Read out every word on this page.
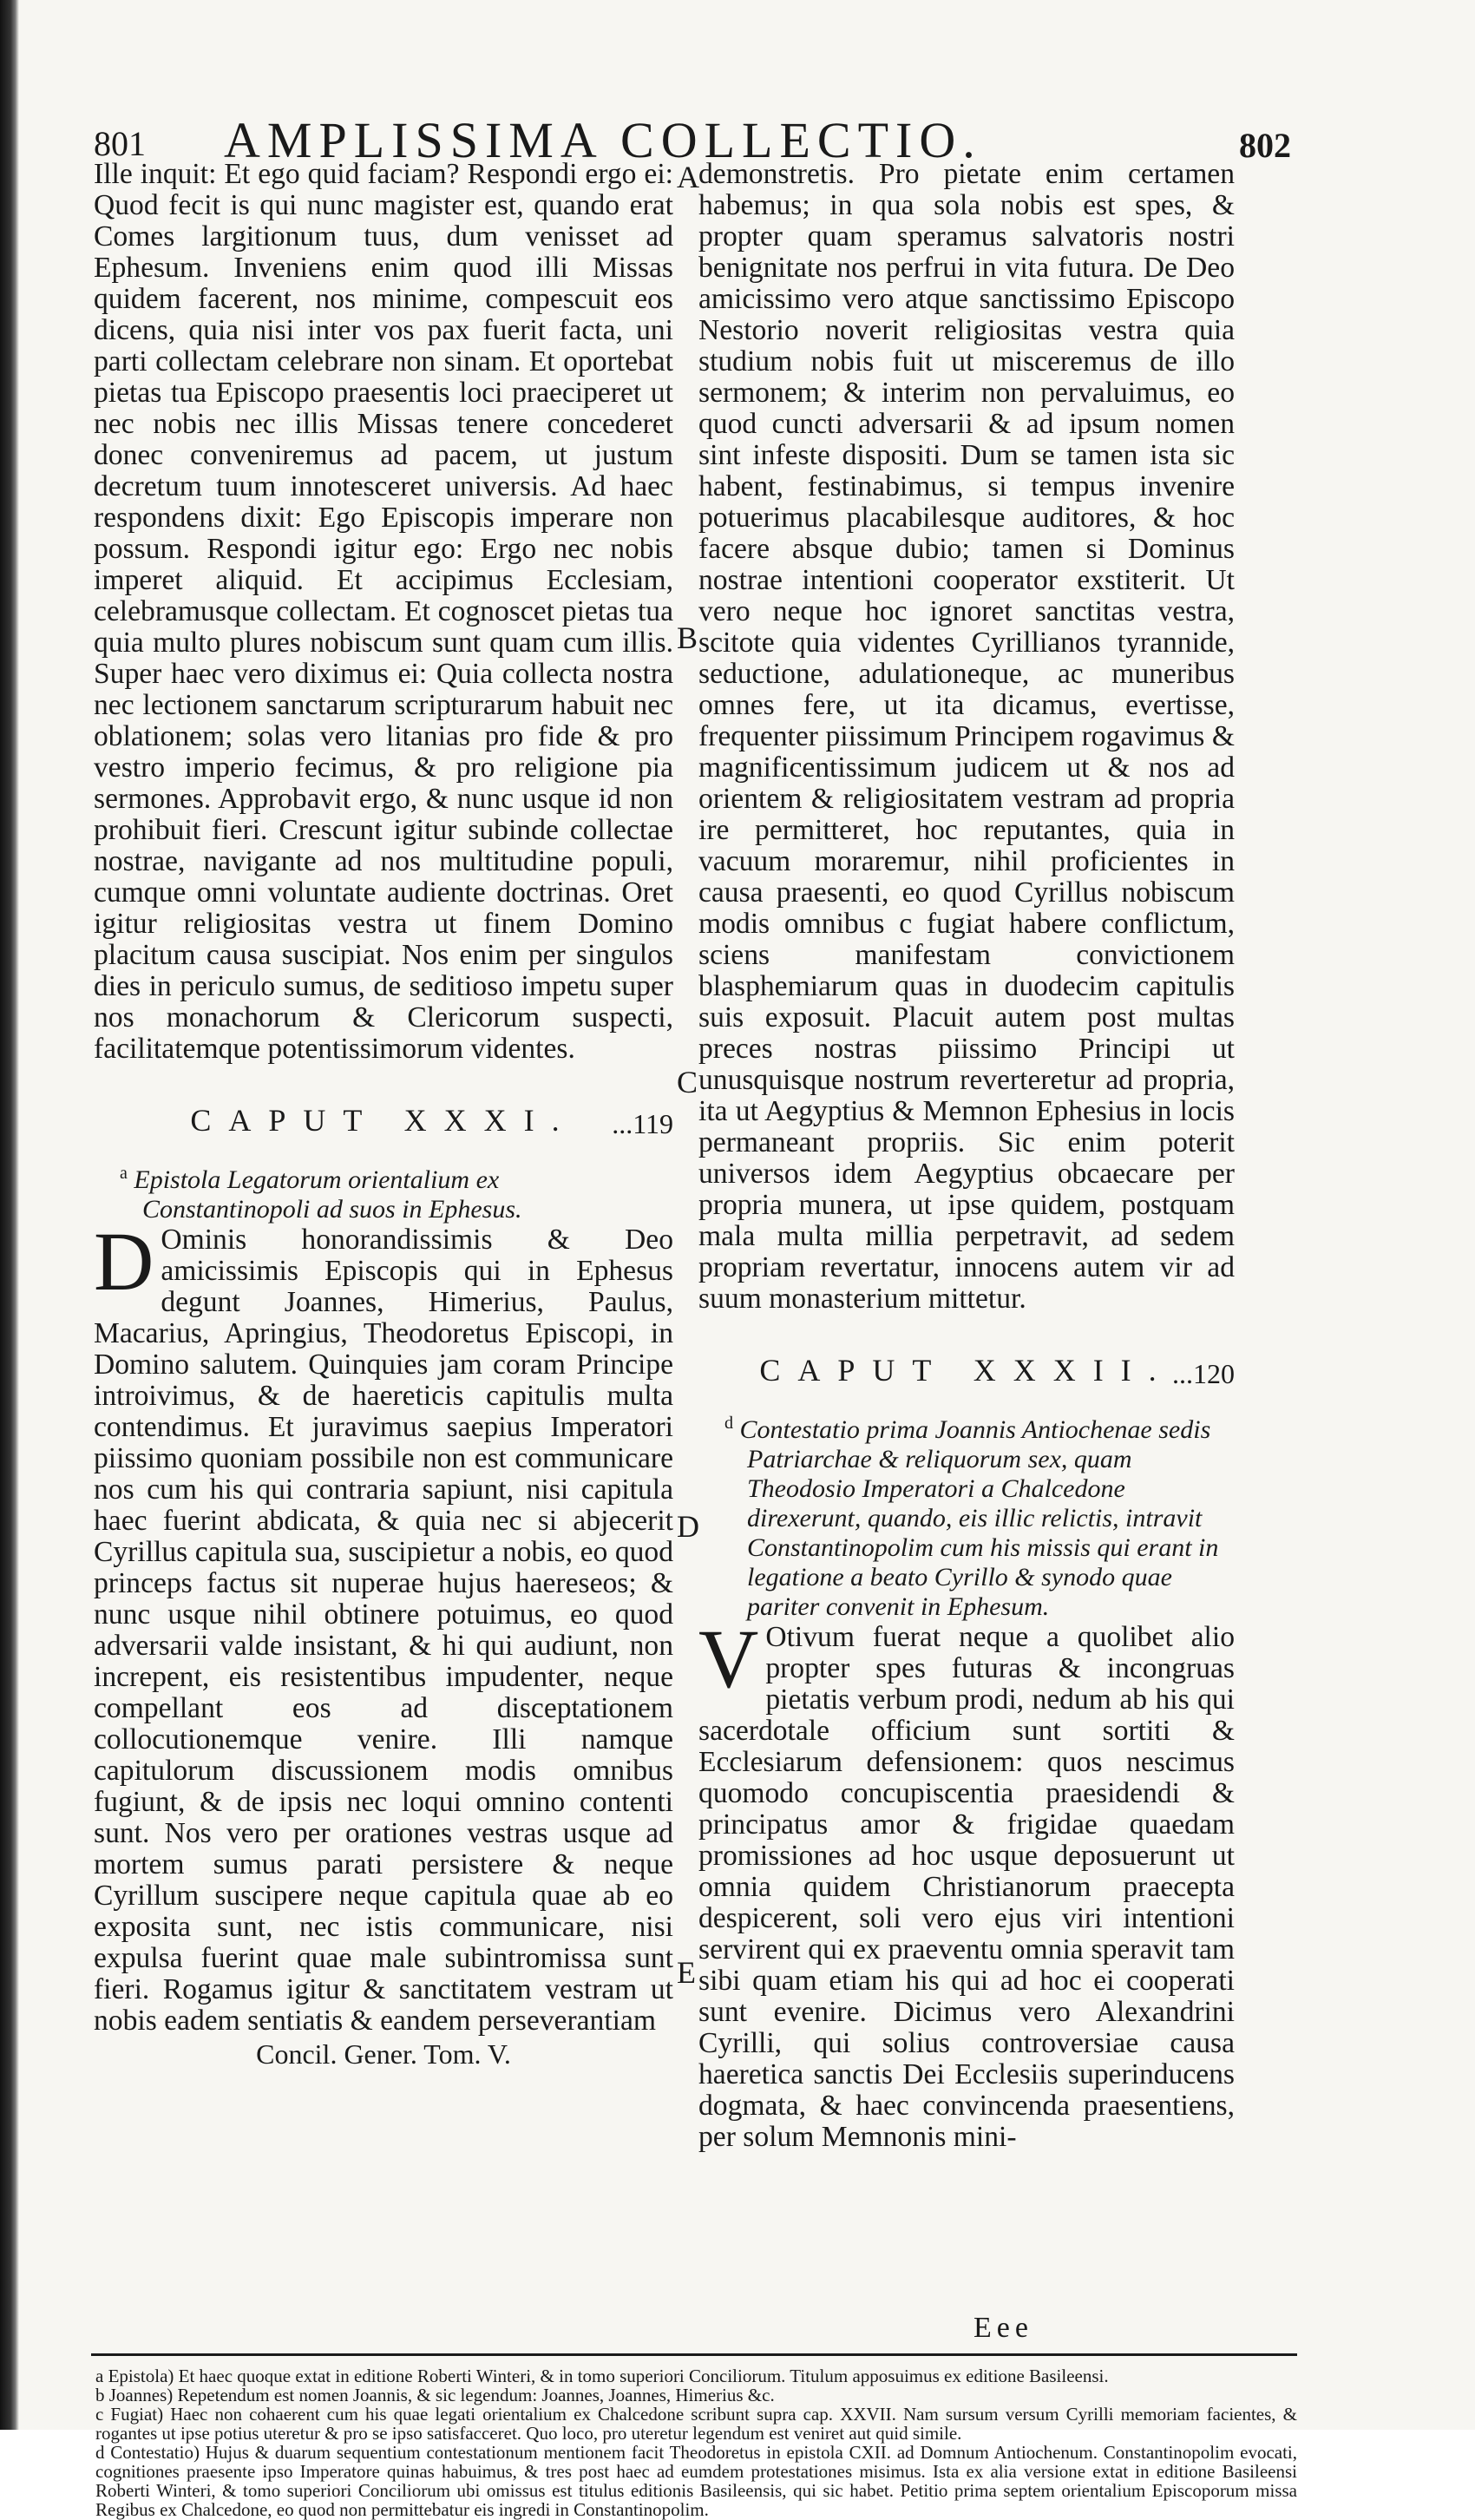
801 AMPLISSIMA COLLECTIO.	802

Ille inquit: Et ego quid faciam? Respondi ergo ei: Quod fecit is qui nunc magister est, quando erat Comes largitionum tuus, dum venisset ad Ephesum. Inveniens enim quod illi Missas quidem facerent, nos minime, compescuit eos dicens, quia nisi inter vos pax fuerit facta, uni parti collectam celebrare non sinam. Et oportebat pietas tua Episcopo praesentis loci praeciperet ut nec nobis nec illis Missas tenere concederet donec conveniremus ad pacem, ut justum decretum tuum innotesceret universis. Ad haec respondens dixit: Ego Episcopis imperare non possum. Respondi igitur ego: Ergo nec nobis imperet aliquid. Et accipimus Ecclesiam, celebramusque collectam. Et cognoscet pietas tua quia multo plures nobiscum sunt quam cum illis. Super haec vero diximus ei: Quia collecta nostra nec lectionem sanctarum scripturarum habuit nec oblationem; solas vero litanias pro fide & pro vestro imperio fecimus, & pro religione pia sermones. Approbavit ergo, & nunc usque id non prohibuit fieri. Crescunt igitur subinde collectae nostrae, navigante ad nos multitudine populi, cumque omni voluntate audiente doctrinas. Oret igitur religiositas vestra ut finem Domino placitum causa suscipiat. Nos enim per singulos dies in periculo sumus, de seditioso impetu super nos monachorum & Clericorum suspecti, facilitatemque potentissimorum videntes.

CAPUT XXXI. ...119

$^a$ Epistola Legatorum orientalium ex Constantinopoli ad suos in Ephesus.

D Ominis honorandissimis & Deo amicissimis Episcopis qui in Ephesus degunt Joannes, Himerius, Paulus, Macarius, Apringius, Theodoretus Episcopi, in Domino salutem. Quinquies jam coram Principe introivimus, & de haereticis capitulis multa contendimus. Et juravimus saepius Imperatori piissimo quoniam possibile non est communicare nos cum his qui contraria sapiunt, nisi capitula haec fuerint abdicata, & quia nec si abjecerit Cyrillus capitula sua, suscipietur a nobis, eo quod princeps factus sit nuperae hujus haereseos; & nunc usque nihil obtinere potuimus, eo quod adversarii valde insistant, & hi qui audiunt, non increpent, eis resistentibus impudenter, neque compellant eos ad disceptationem collocutionemque venire. Illi namque capitulorum discussionem modis omnibus fugiunt, & de ipsis nec loqui omnino contenti sunt. Nos vero per orationes vestras usque ad mortem sumus parati persistere & neque Cyrillum suscipere neque capitula quae ab eo exposita sunt, nec istis communicare, nisi expulsa fuerint quae male subintromissa sunt fieri. Rogamus igitur & sanctitatem vestram ut nobis eadem sentiatis & eandem perseverantiam

Concil. Gener. Tom. V.

demonstretis. Pro pietate enim certamen habemus; in qua sola nobis est spes, & propter quam speramus salvatoris nostri benignitate nos perfrui in vita futura. De Deo amicissimo vero atque sanctissimo Episcopo Nestorio noverit religiositas vestra quia studium nobis fuit ut misceremus de illo sermonem; & interim non pervaluimus, eo quod cuncti adversarii & ad ipsum nomen sint infeste dispositi. Dum se tamen ista sic habent, festinabimus, si tempus invenire potuerimus placabilesque auditores, & hoc facere absque dubio; tamen si Dominus nostrae intentioni cooperator exstiterit. Ut vero neque hoc ignoret sanctitas vestra, scitote quia videntes Cyrillianos tyrannide, seductione, adulationeque, ac muneribus omnes fere, ut ita dicamus, evertisse, frequenter piissimum Principem rogavimus & magnificentissimum judicem ut & nos ad orientem & religiositatem vestram ad propria ire permitteret, hoc reputantes, quia in vacuum moraremur, nihil proficientes in causa praesenti, eo quod Cyrillus nobiscum modis omnibus c fugiat habere conflictum, sciens manifestam convictionem blasphemiarum quas in duodecim capitulis suis exposuit. Placuit autem post multas preces nostras piissimo Principi ut unusquisque nostrum reverteretur ad propria, ita ut Aegyptius & Memnon Ephesius in locis permaneant propriis. Sic enim poterit universos idem Aegyptius obcaecare per propria munera, ut ipse quidem, postquam mala multa millia perpetravit, ad sedem propriam revertatur, innocens autem vir ad suum monasterium mittetur.

CAPUT XXXII.
...120

$^d$ Contestatio prima Joannis Antiochenae sedis Patriarchae & reliquorum sex, quam Theodosio Imperatori a Chalcedone direxerunt, quando, eis illic relictis, intravit Constantinopolim cum his missis qui erant in legatione a beato Cyrillo & synodo quae pariter convenit in Ephesum.

V Otivum fuerat neque a quolibet alio propter spes futuras & incongruas pietatis verbum prodi, nedum ab his qui sacerdotale officium sunt sortiti & Ecclesiarum defensionem: quos nescimus quomodo concupiscentia praesidendi & principatus amor & frigidae quaedam promissiones ad hoc usque deposuerunt ut omnia quidem Christianorum praecepta despicerent, soli vero ejus viri intentioni servirent qui ex praeventu omnia speravit tam sibi quam etiam his qui ad hoc ei cooperati sunt evenire. Dicimus vero Alexandrini Cyrilli, qui solius controversiae causa haeretica sanctis Dei Ecclesiis superinducens dogmata, & haec convincenda praesentiens, per solum Memnonis mini-

Eee
A
B
C
D
E

a Epistola) Et haec quoque extat in editione Roberti Winteri, & in tomo superiori Conciliorum. Titulum apposuimus ex editione Basileensi.

b Joannes) Repetendum est nomen Joannis, & sic legendum: Joannes, Joannes, Himerius &c.

c Fugiat) Haec non cohaerent cum his quae legati orientalium ex Chalcedone scribunt supra cap. XXVII. Nam sursum versum Cyrilli memoriam facientes, & rogantes ut ipse potius uteretur & pro se ipso satisfacceret. Quo loco, pro uteretur legendum est veniret aut quid simile.

d Contestatio) Hujus & duarum sequentium contestationum mentionem facit Theodoretus in epistola CXII. ad Domnum Antiochenum. Constantinopolim evocati, cognitiones praesente ipso Imperatore quinas habuimus, & tres post haec ad eumdem protestationes misimus. Ista ex alia versione extat in editione Basileensi Roberti Winteri, & tomo superiori Conciliorum ubi omissus est titulus editionis Basileensis, qui sic habet. Petitio prima septem orientalium Episcoporum missa Regibus ex Chalcedone, eo quod non permittebatur eis ingredi in Constantinopolim.
